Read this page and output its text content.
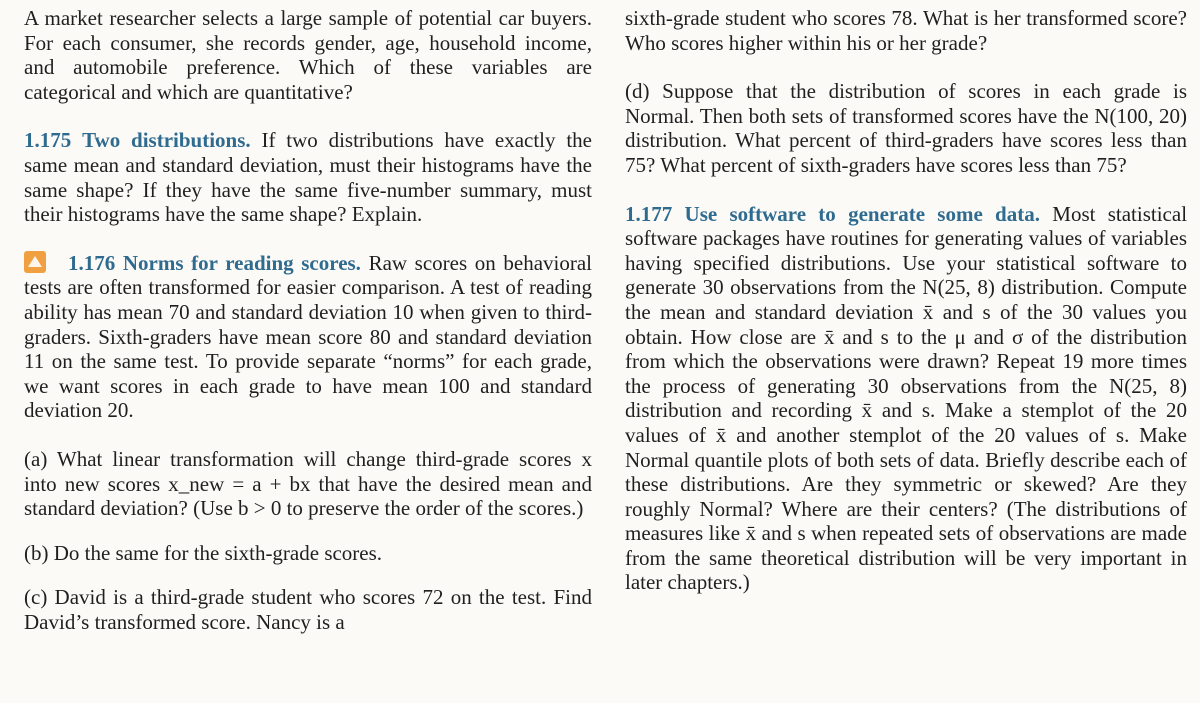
A market researcher selects a large sample of potential car buyers. For each consumer, she records gender, age, household income, and automobile preference. Which of these variables are categorical and which are quantitative?

1.175 Two distributions. If two distributions have exactly the same mean and standard deviation, must their histograms have the same shape? If they have the same five-number summary, must their histograms have the same shape? Explain.

1.176 Norms for reading scores. Raw scores on behavioral tests are often transformed for easier comparison. A test of reading ability has mean 70 and standard deviation 10 when given to third-graders. Sixth-graders have mean score 80 and standard deviation 11 on the same test. To provide separate “norms” for each grade, we want scores in each grade to have mean 100 and standard deviation 20.

(a) What linear transformation will change third-grade scores x into new scores x_new = a + bx that have the desired mean and standard deviation? (Use b > 0 to preserve the order of the scores.)

(b) Do the same for the sixth-grade scores.

(c) David is a third-grade student who scores 72 on the test. Find David’s transformed score. Nancy is a

sixth-grade student who scores 78. What is her transformed score? Who scores higher within his or her grade?

(d) Suppose that the distribution of scores in each grade is Normal. Then both sets of transformed scores have the N(100, 20) distribution. What percent of third-graders have scores less than 75? What percent of sixth-graders have scores less than 75?

1.177 Use software to generate some data. Most statistical software packages have routines for generating values of variables having specified distributions. Use your statistical software to generate 30 observations from the N(25, 8) distribution. Compute the mean and standard deviation x̄ and s of the 30 values you obtain. How close are x̄ and s to the μ and σ of the distribution from which the observations were drawn? Repeat 19 more times the process of generating 30 observations from the N(25, 8) distribution and recording x̄ and s. Make a stemplot of the 20 values of x̄ and another stemplot of the 20 values of s. Make Normal quantile plots of both sets of data. Briefly describe each of these distributions. Are they symmetric or skewed? Are they roughly Normal? Where are their centers? (The distributions of measures like x̄ and s when repeated sets of observations are made from the same theoretical distribution will be very important in later chapters.)
